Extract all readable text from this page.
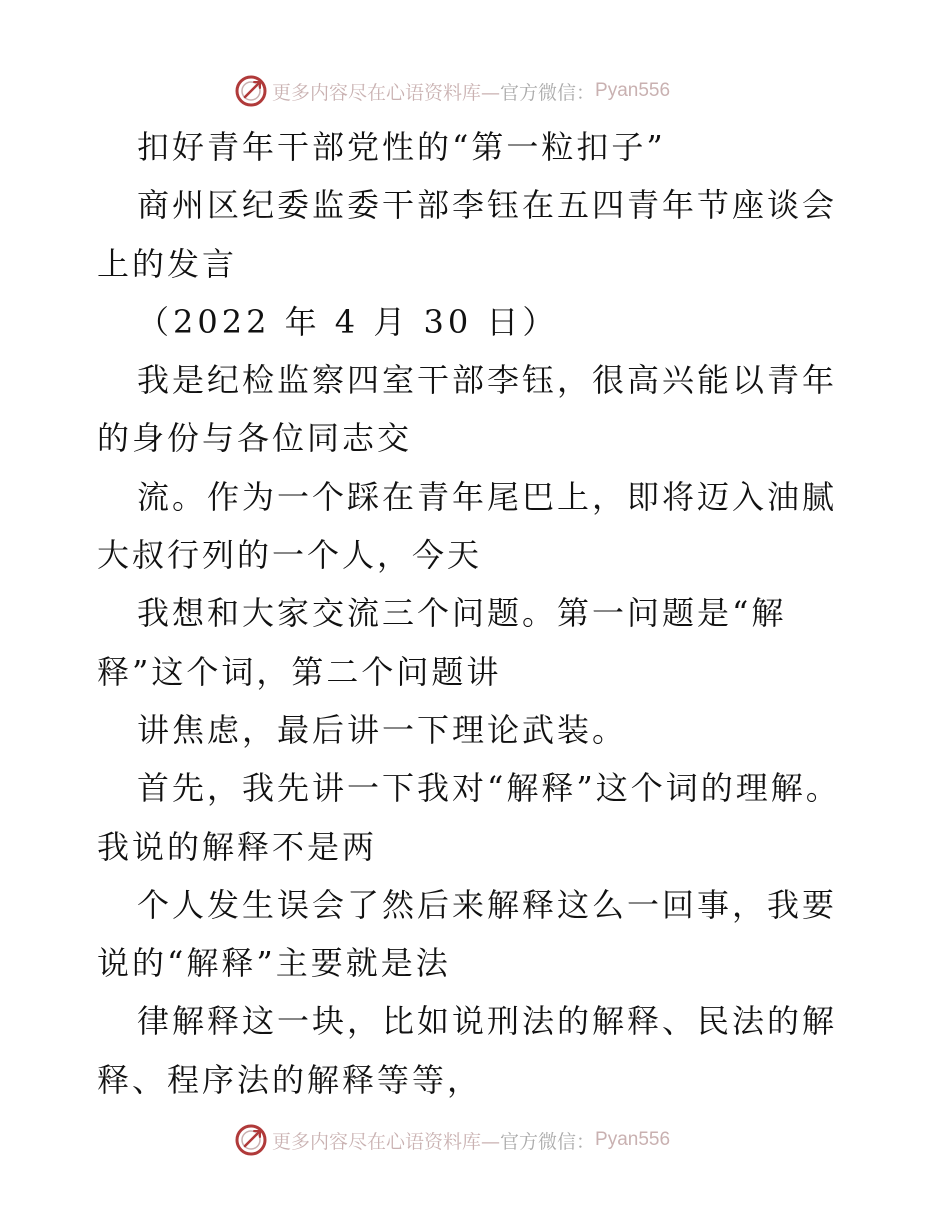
更多内容尽在心语资料库— 官方微信： Pyan556

扣好青年干部党性的“第一粒扣子”

商州区纪委监委干部李钰在五四青年节座谈会上的发言

（2022 年 4 月 30 日）

我是纪检监察四室干部李钰，很高兴能以青年的身份与各位同志交

流。作为一个踩在青年尾巴上，即将迈入油腻大叔行列的一个人，今天

我想和大家交流三个问题。第一问题是“解释”这个词，第二个问题讲

讲焦虑，最后讲一下理论武装。

首先，我先讲一下我对“解释”这个词的理解。我说的解释不是两

个人发生误会了然后来解释这么一回事，我要说的“解释”主要就是法

律解释这一块，比如说刑法的解释、民法的解释、程序法的解释等等，

更多内容尽在心语资料库— 官方微信： Pyan556
